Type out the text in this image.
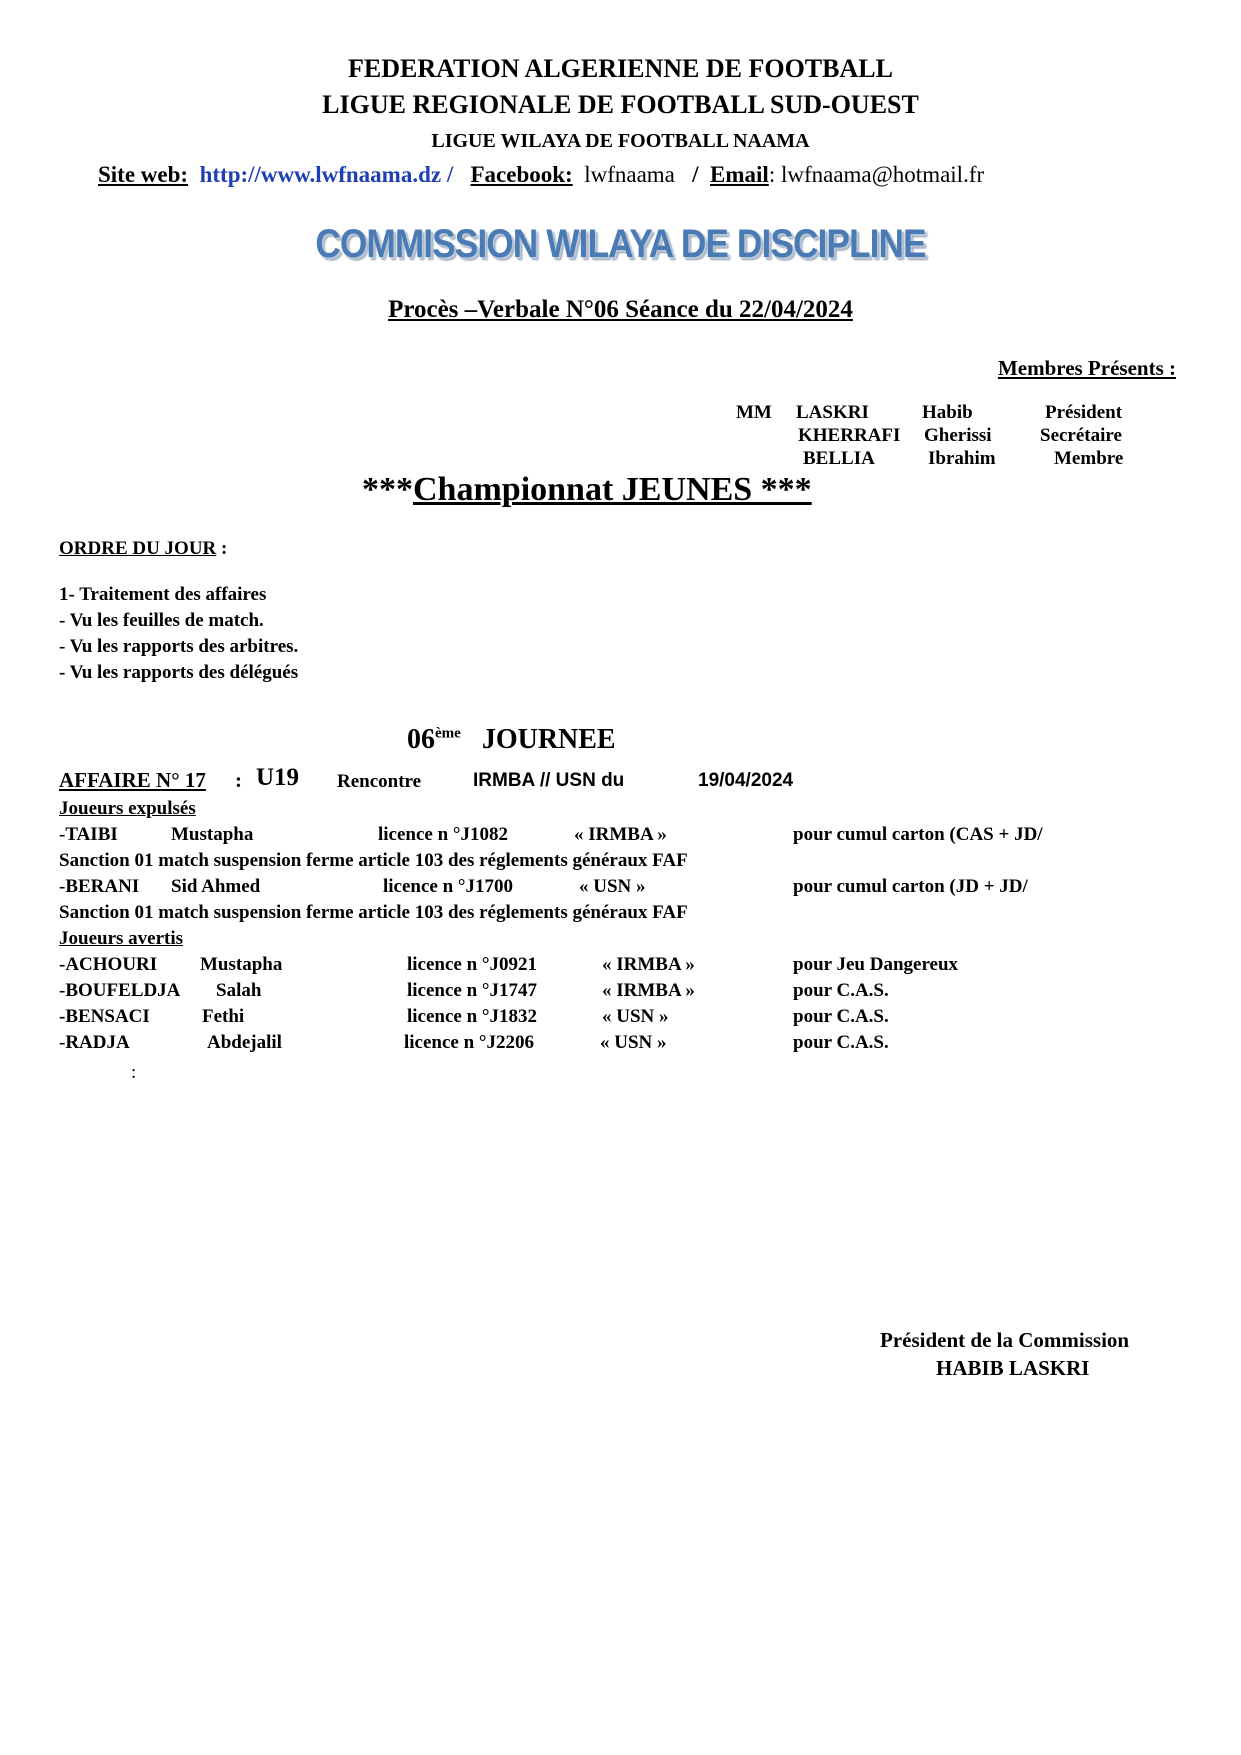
FEDERATION ALGERIENNE DE FOOTBALL
LIGUE REGIONALE DE FOOTBALL SUD-OUEST
LIGUE WILAYA DE FOOTBALL NAAMA
Site web: http://www.lwfnaama.dz / Facebook: lwfnaama / Email: lwfnaama@hotmail.fr
COMMISSION WILAYA DE DISCIPLINE
Procès –Verbale N°06 Séance du 22/04/2024
Membres Présents :
MM LASKRI	Habib	Président
KHERRAFI Gherissi	Secrétaire
BELLIA	Ibrahim	Membre
***Championnat JEUNES ***
ORDRE DU JOUR :
1- Traitement des affaires
- Vu les feuilles de match.
- Vu les rapports des arbitres.
- Vu les rapports des délégués
06ème JOURNEE
AFFAIRE N° 17 : U19 Rencontre	IRMBA // USN du	19/04/2024
Joueurs expulsés
-TAIBI	Mustapha	licence n °J1082	« IRMBA »	pour cumul carton (CAS + JD/
Sanction 01 match suspension ferme article 103 des réglements généraux FAF
-BERANI Sid Ahmed	licence n °J1700	« USN »	pour cumul carton (JD + JD/
Sanction 01 match suspension ferme article 103 des réglements généraux FAF
Joueurs avertis
-ACHOURI Mustapha	licence n °J0921	« IRMBA »	pour Jeu Dangereux
-BOUFELDJA Salah	licence n °J1747	« IRMBA »	pour C.A.S.
-BENSACI	Fethi	licence n °J1832	« USN »	pour C.A.S.
-RADJA	Abdejalil	licence n °J2206	« USN »	pour C.A.S.
:
Président de la Commission
HABIB LASKRI
